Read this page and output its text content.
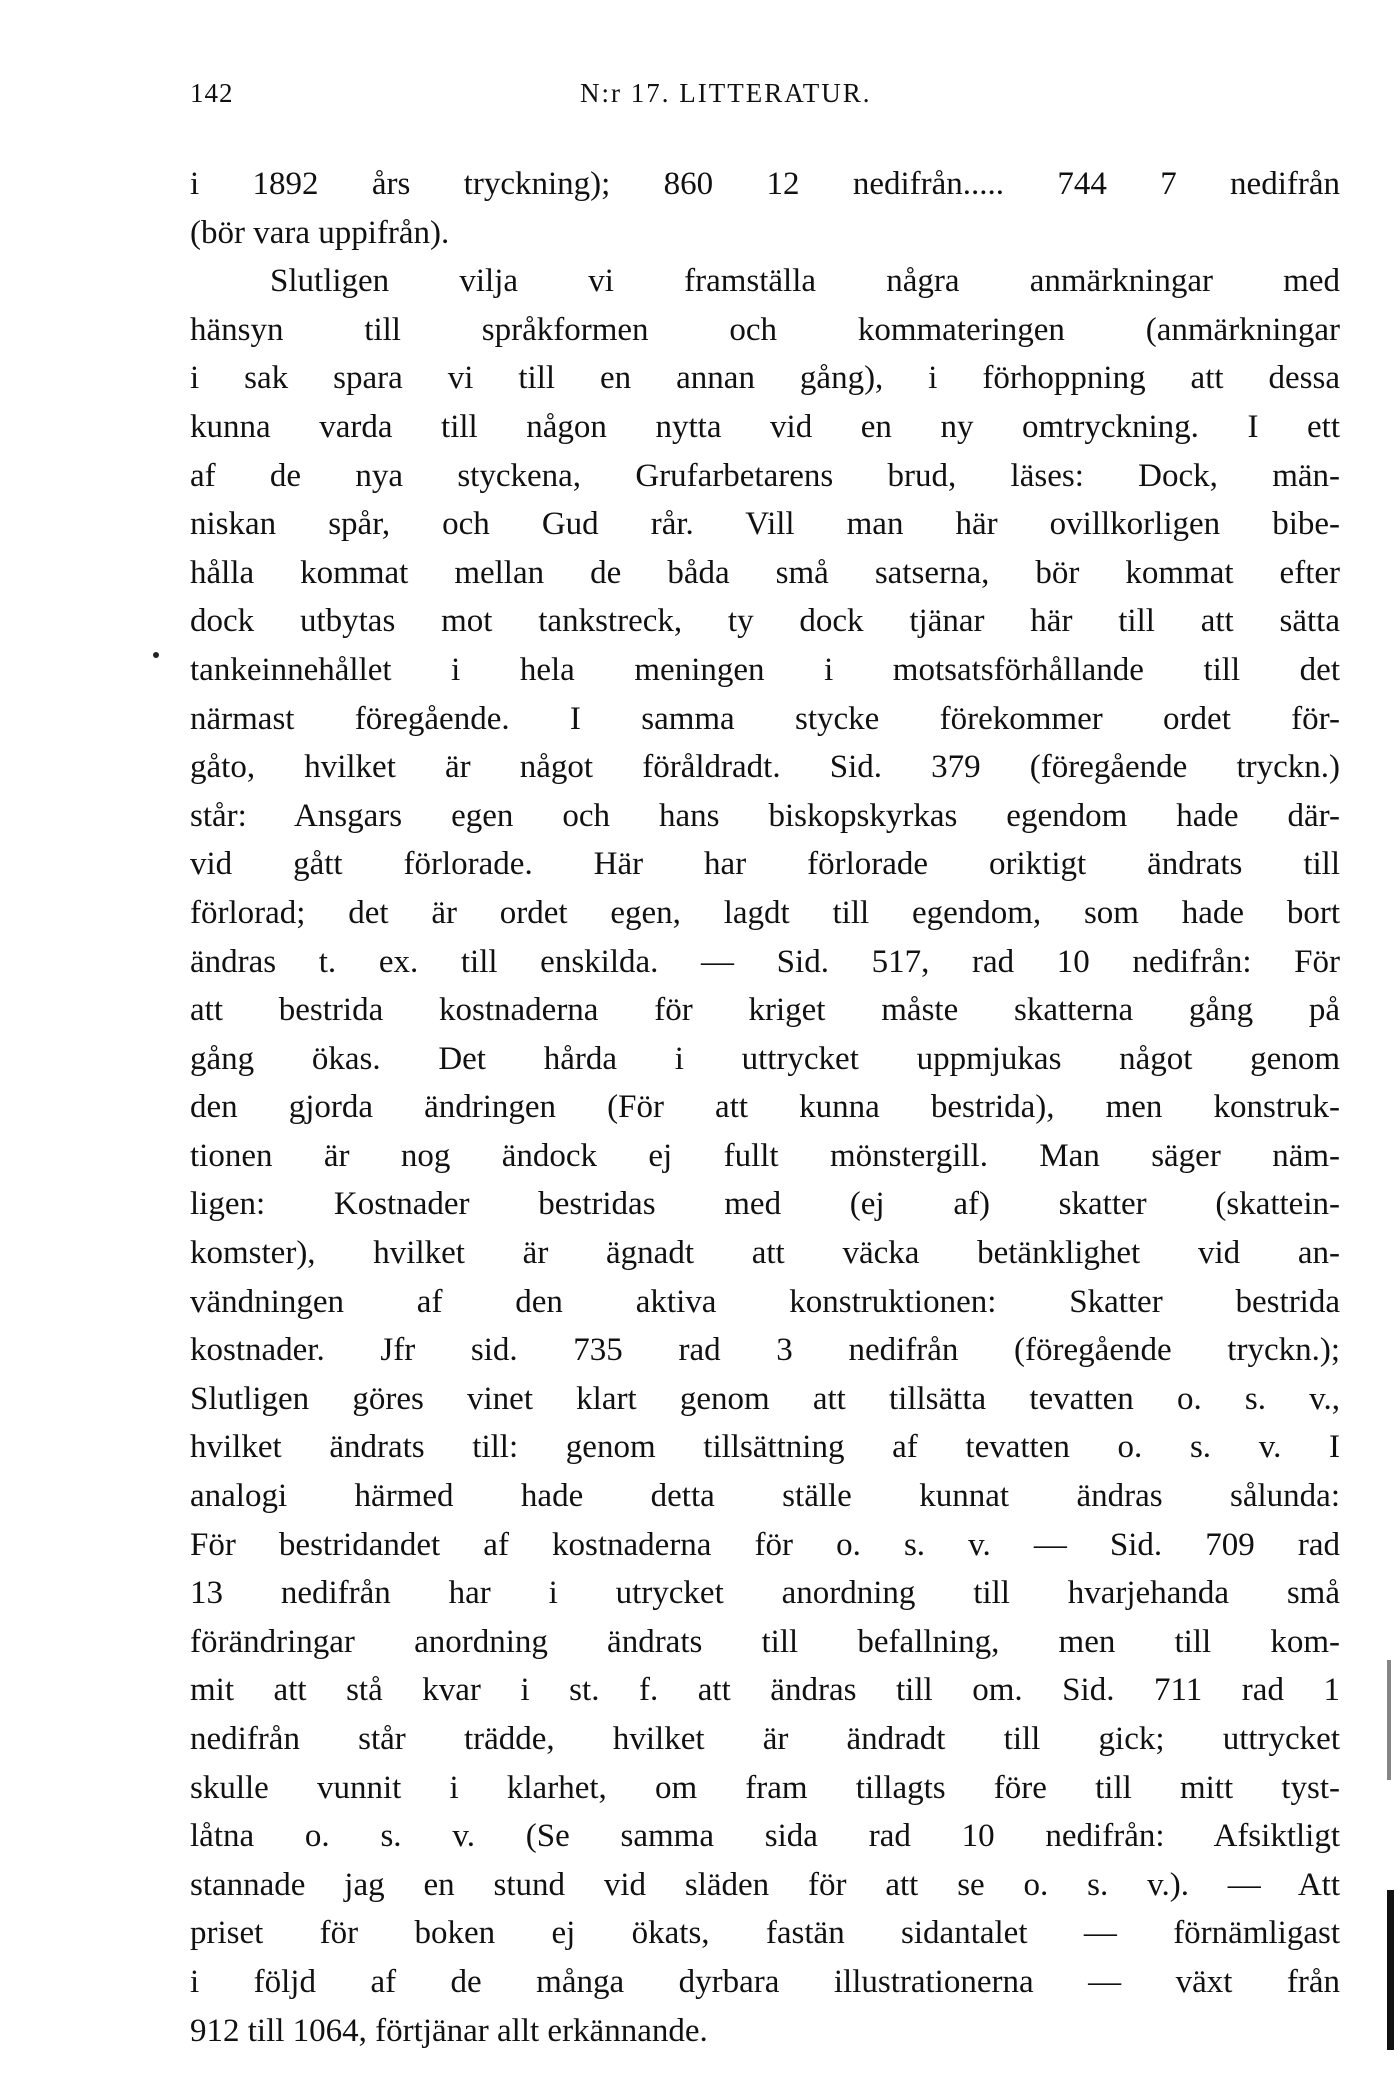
142	N:r 17. LITTERATUR.
i 1892 års tryckning); 860 12 nedifrån..... 744 7 nedifrån
(bör vara uppifrån).
Slutligen vilja vi framställa några anmärkningar med
hänsyn till språkformen och kommateringen (anmärkningar
i sak spara vi till en annan gång), i förhoppning att dessa
kunna varda till någon nytta vid en ny omtryckning. I ett
af de nya styckena, Grufarbetarens brud, läses: Dock, män-
niskan spår, och Gud rår. Vill man här ovillkorligen bibe-
hålla kommat mellan de båda små satserna, bör kommat efter
dock utbytas mot tankstreck, ty dock tjänar här till att sätta
tankeinnehållet i hela meningen i motsatsförhållande till det
närmast föregående. I samma stycke förekommer ordet för-
gåto, hvilket är något föråldradt. Sid. 379 (föregående tryckn.)
står: Ansgars egen och hans biskopskyrkas egendom hade där-
vid gått förlorade. Här har förlorade oriktigt ändrats till
förlorad; det är ordet egen, lagdt till egendom, som hade bort
ändras t. ex. till enskilda. — Sid. 517, rad 10 nedifrån: För
att bestrida kostnaderna för kriget måste skatterna gång på
gång ökas. Det hårda i uttrycket uppmjukas något genom
den gjorda ändringen (För att kunna bestrida), men konstruk-
tionen är nog ändock ej fullt mönstergill. Man säger näm-
ligen: Kostnader bestridas med (ej af) skatter (skattein-
komster), hvilket är ägnadt att väcka betänklighet vid an-
vändningen af den aktiva konstruktionen: Skatter bestrida
kostnader. Jfr sid. 735 rad 3 nedifrån (föregående tryckn.);
Slutligen göres vinet klart genom att tillsätta tevatten o. s. v.,
hvilket ändrats till: genom tillsättning af tevatten o. s. v. I
analogi härmed hade detta ställe kunnat ändras sålunda:
För bestridandet af kostnaderna för o. s. v. — Sid. 709 rad
13 nedifrån har i utrycket anordning till hvarjehanda små
förändringar anordning ändrats till befallning, men till kom-
mit att stå kvar i st. f. att ändras till om. Sid. 711 rad 1
nedifrån står trädde, hvilket är ändradt till gick; uttrycket
skulle vunnit i klarhet, om fram tillagts före till mitt tyst-
låtna o. s. v. (Se samma sida rad 10 nedifrån: Afsiktligt
stannade jag en stund vid släden för att se o. s. v.). — Att
priset för boken ej ökats, fastän sidantalet — förnämligast
i följd af de många dyrbara illustrationerna — växt från
912 till 1064, förtjänar allt erkännande.
